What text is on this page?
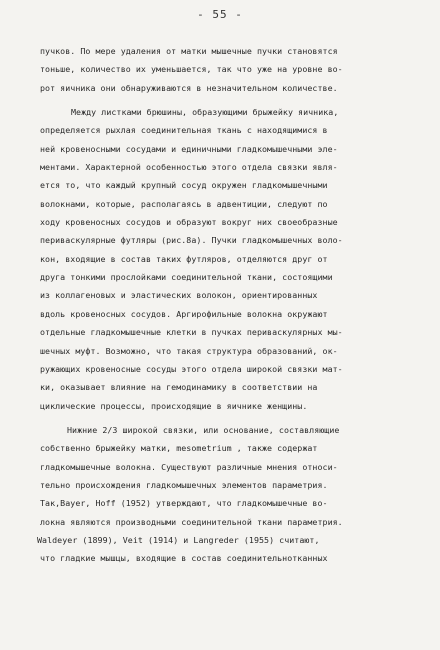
- 55 -
пучков. По мере удаления от матки мышечные пучки становятся
тоньше, количество их уменьшается, так что уже на уровне во-
рот яичника они обнаруживаются в незначительном количестве.
Между листками брюшины, образующими брыжейку яичника,
определяется рыхлая соединительная ткань с находящимися в
ней кровеносными сосудами и единичными гладкомышечными эле-
ментами. Характерной особенностью этого отдела связки явля-
ется то, что каждый крупный сосуд окружен гладкомышечными
волокнами, которые, располагаясь в адвентиции, следуют по
ходу кровеносных сосудов и образуют вокруг них своеобразные
периваскулярные футляры (рис.8а). Пучки гладкомышечных воло-
кон, входящие в состав таких футляров, отделяются друг от
друга тонкими прослойками соединительной ткани, состоящими
из коллагеновых и эластических волокон, ориентированных
вдоль кровеносных сосудов. Аргирофильные волокна окружают
отдельные гладкомышечные клетки в пучках периваскулярных мы-
шечных муфт. Возможно, что такая структура образований, ок-
ружающих кровеносные сосуды этого отдела широкой связки мат-
ки, оказывает влияние на гемодинамику в соответствии на
циклические процессы, происходящие в яичнике женщины.
Нижние 2/3 широкой связки, или основание, составляющие
собственно брыжейку матки, mesometrium , также содержат
гладкомышечные волокна. Существуют различные мнения относи-
тельно происхождения гладкомышечных элементов параметрия.
Так,Bayer, Hoff (1952) утверждают, что гладкомышечные во-
локна являются производными соединительной ткани параметрия.
Waldeyer (1899), Veit (1914) и Langreder (1955) считают,
что гладкие мышцы, входящие в состав соединительнотканных
